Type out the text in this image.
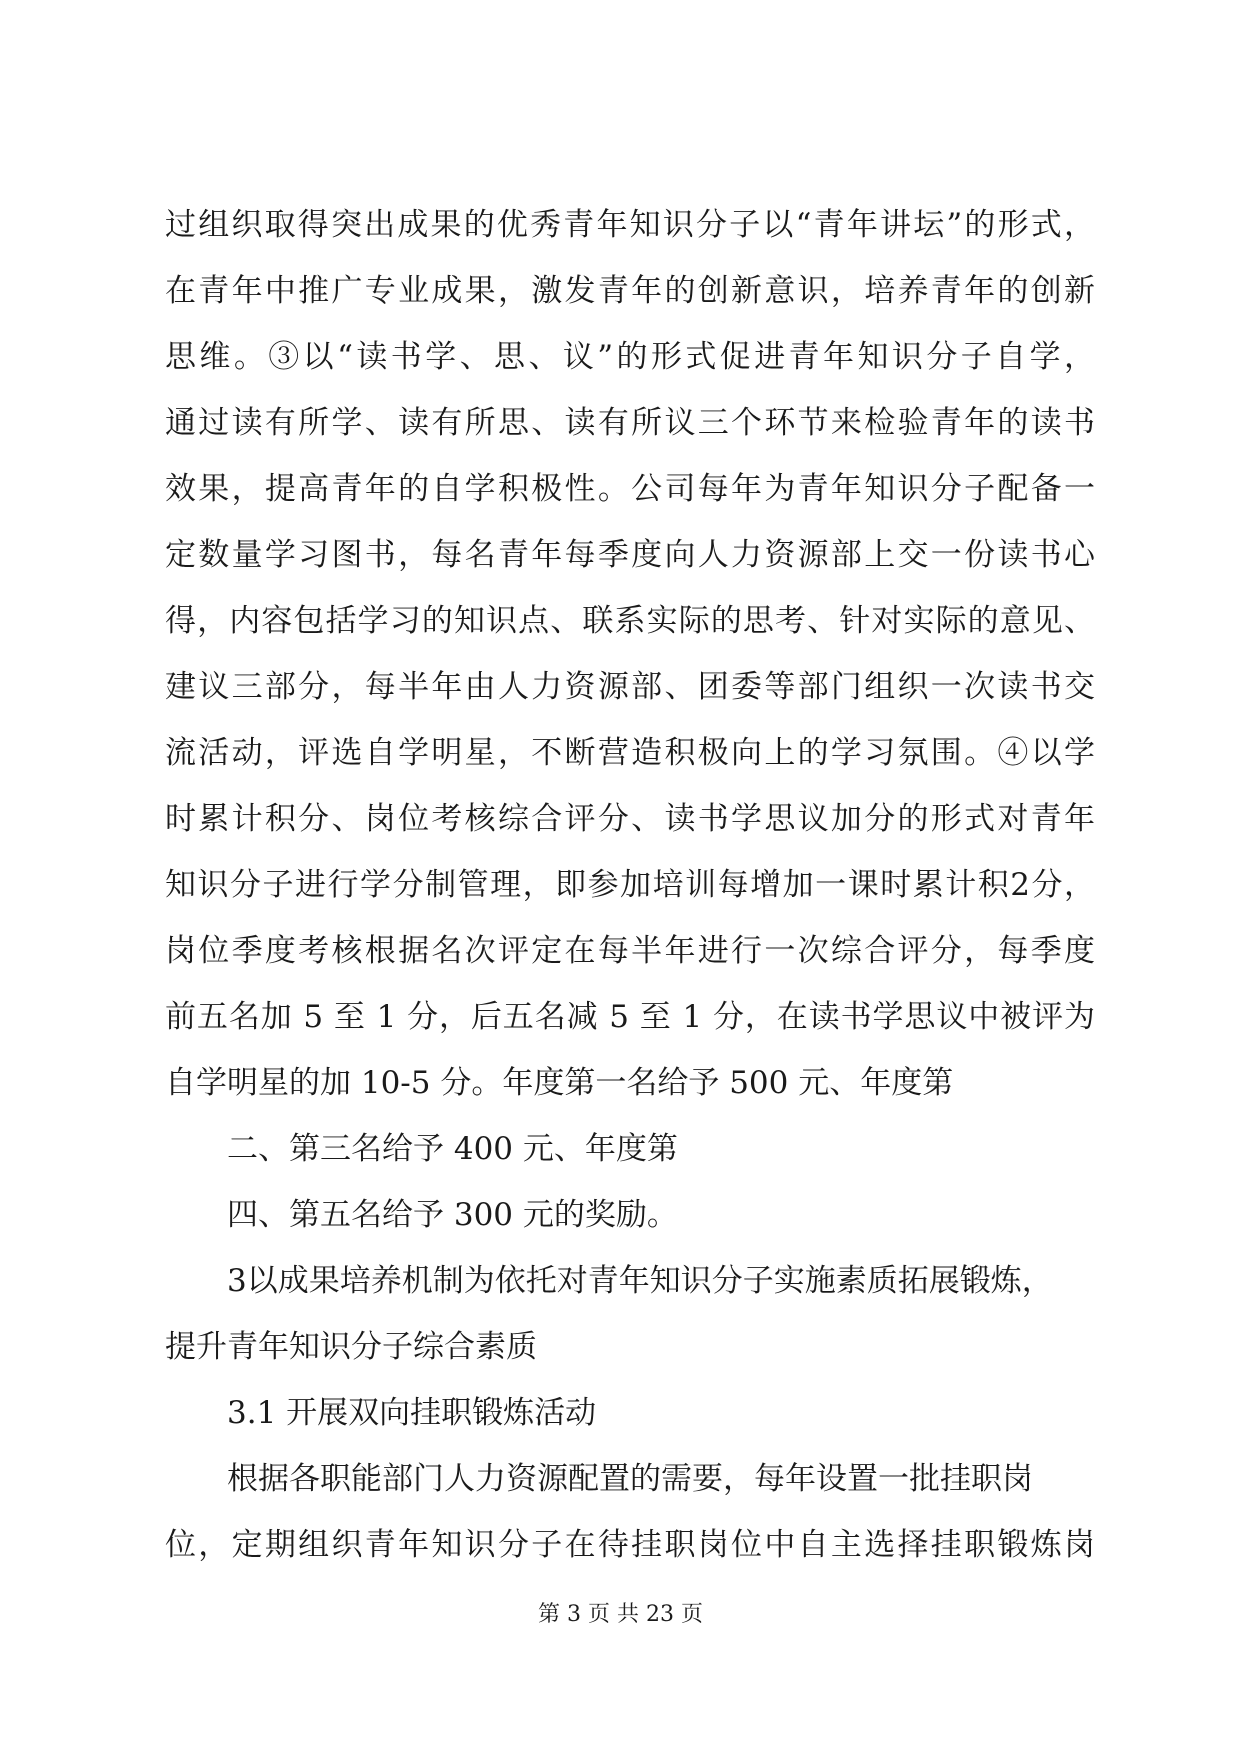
过组织取得突出成果的优秀青年知识分子以“青年讲坛”的形式，
在青年中推广专业成果，激发青年的创新意识，培养青年的创新
思维。③以“读书学、思、议”的形式促进青年知识分子自学，
通过读有所学、读有所思、读有所议三个环节来检验青年的读书
效果，提高青年的自学积极性。公司每年为青年知识分子配备一
定数量学习图书，每名青年每季度向人力资源部上交一份读书心
得，内容包括学习的知识点、联系实际的思考、针对实际的意见、
建议三部分，每半年由人力资源部、团委等部门组织一次读书交
流活动，评选自学明星，不断营造积极向上的学习氛围。④以学
时累计积分、岗位考核综合评分、读书学思议加分的形式对青年
知识分子进行学分制管理，即参加培训每增加一课时累计积2分，
岗位季度考核根据名次评定在每半年进行一次综合评分，每季度
前五名加 5 至 1 分，后五名减 5 至 1 分，在读书学思议中被评为
自学明星的加 10-5 分。年度第一名给予 500 元、年度第
二、第三名给予 400 元、年度第
四、第五名给予 300 元的奖励。
3以成果培养机制为依托对青年知识分子实施素质拓展锻炼，
提升青年知识分子综合素质
3.1 开展双向挂职锻炼活动
根据各职能部门人力资源配置的需要，每年设置一批挂职岗
位，定期组织青年知识分子在待挂职岗位中自主选择挂职锻炼岗
第 3 页 共 23 页
